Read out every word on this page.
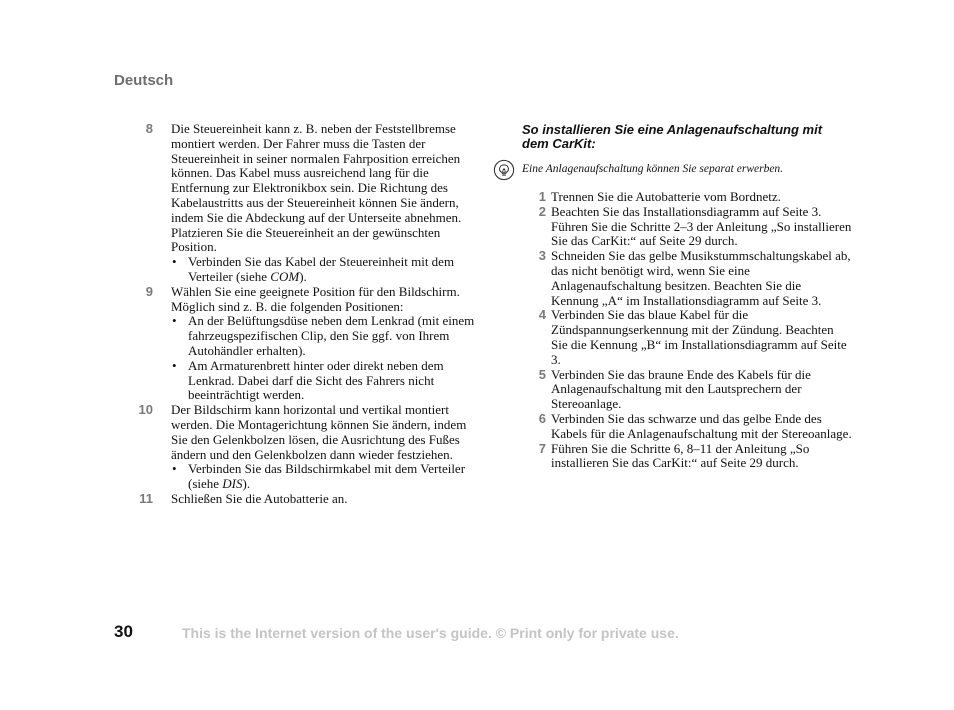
Deutsch
8 Die Steuereinheit kann z. B. neben der Feststellbremse montiert werden. Der Fahrer muss die Tasten der Steuereinheit in seiner normalen Fahrposition erreichen können. Das Kabel muss ausreichend lang für die Entfernung zur Elektronikbox sein. Die Richtung des Kabelaustritts aus der Steuereinheit können Sie ändern, indem Sie die Abdeckung auf der Unterseite abnehmen. Platzieren Sie die Steuereinheit an der gewünschten Position.
• Verbinden Sie das Kabel der Steuereinheit mit dem Verteiler (siehe COM).
9 Wählen Sie eine geeignete Position für den Bildschirm. Möglich sind z. B. die folgenden Positionen:
• An der Belüftungsdüse neben dem Lenkrad (mit einem fahrzeugspezifischen Clip, den Sie ggf. von Ihrem Autohändler erhalten).
• Am Armaturenbrett hinter oder direkt neben dem Lenkrad. Dabei darf die Sicht des Fahrers nicht beeinträchtigt werden.
10 Der Bildschirm kann horizontal und vertikal montiert werden. Die Montagerichtung können Sie ändern, indem Sie den Gelenkbolzen lösen, die Ausrichtung des Fußes ändern und den Gelenkbolzen dann wieder festziehen.
• Verbinden Sie das Bildschirmkabel mit dem Verteiler (siehe DIS).
11 Schließen Sie die Autobatterie an.
So installieren Sie eine Anlagenaufschaltung mit dem CarKit:
Eine Anlagenaufschaltung können Sie separat erwerben.
1 Trennen Sie die Autobatterie vom Bordnetz.
2 Beachten Sie das Installationsdiagramm auf Seite 3. Führen Sie die Schritte 2–3 der Anleitung „So installieren Sie das CarKit:“ auf Seite 29 durch.
3 Schneiden Sie das gelbe Musikstummschaltungskabel ab, das nicht benötigt wird, wenn Sie eine Anlagenaufschaltung besitzen. Beachten Sie die Kennung „A“ im Installationsdiagramm auf Seite 3.
4 Verbinden Sie das blaue Kabel für die Zündspannungserkennung mit der Zündung. Beachten Sie die Kennung „B“ im Installationsdiagramm auf Seite 3.
5 Verbinden Sie das braune Ende des Kabels für die Anlagenaufschaltung mit den Lautsprechern der Stereoanlage.
6 Verbinden Sie das schwarze und das gelbe Ende des Kabels für die Anlagenaufschaltung mit der Stereoanlage.
7 Führen Sie die Schritte 6, 8–11 der Anleitung „So installieren Sie das CarKit:“ auf Seite 29 durch.
30	This is the Internet version of the user's guide. © Print only for private use.
